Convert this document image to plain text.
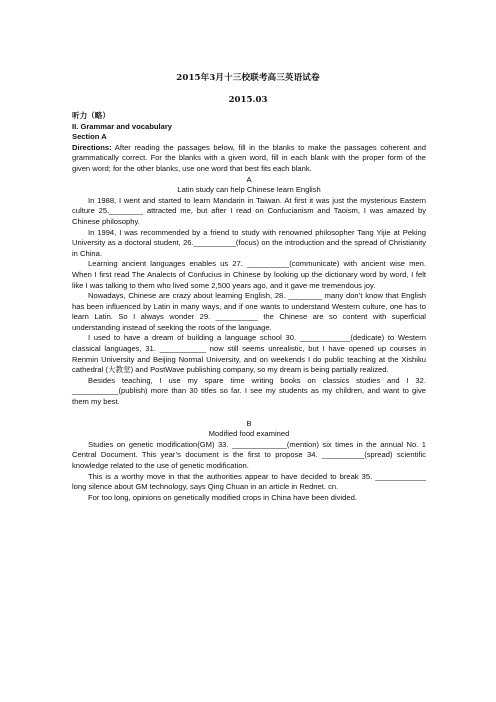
2015年3月十三校联考高三英语试卷
2015.03

听力（略）

II. Grammar and vocabulary

Section A

Directions: After reading the passages below, fill in the blanks to make the passages coherent and grammatically correct. For the blanks with a given word, fill in each blank with the proper form of the given word; for the other blanks, use one word that best fits each blank.

A

Latin study can help Chinese learn English

In 1988, I went and started to learn Mandarin in Taiwan. At first it was just the mysterious Eastern culture 25.________ attracted me, but after I read on Confucianism and Taoism, I was amazed by Chinese philosophy.

In 1994, I was recommended by a friend to study with renowned philosopher Tang Yijie at Peking University as a doctoral student, 26.__________(focus) on the introduction and the spread of Christianity in China.

Learning ancient languages enables us 27. __________(communicate) with ancient wise men. When I first read The Analects of Confucius in Chinese by looking up the dictionary word by word, I felt like I was talking to them who lived some 2,500 years ago, and it gave me tremendous joy.

Nowadays, Chinese are crazy about learning English, 28. ________ many don’t know that English has been influenced by Latin in many ways, and if one wants to understand Western culture, one has to learn Latin. So I always wonder 29. __________ the Chinese are so content with superficial understanding instead of seeking the roots of the language.

I used to have a dream of building a language school 30. ____________(dedicate) to Western classical languages, 31. ___________ now still seems unrealistic, but I have opened up courses in Renmin University and Beijing Normal University, and on weekends I do public teaching at the Xishiku cathedral (大教堂) and PostWave publishing company, so my dream is being partially realized.

Besides teaching, I use my spare time writing books on classics studies and I 32. ___________(publish) more than 30 titles so far. I see my students as my children, and want to give them my best.

B

Modified food examined

Studies on genetic modification(GM) 33. _____________(mention) six times in the annual No. 1 Central Document. This year’s document is the first to propose 34. __________(spread) scientific knowledge related to the use of genetic modification.

This is a worthy move in that the authorities appear to have decided to break 35. ____________ long silence about GM technology, says Qing Chuan in an article in Rednet. cn.

For too long, opinions on genetically modified crops in China have been divided.
